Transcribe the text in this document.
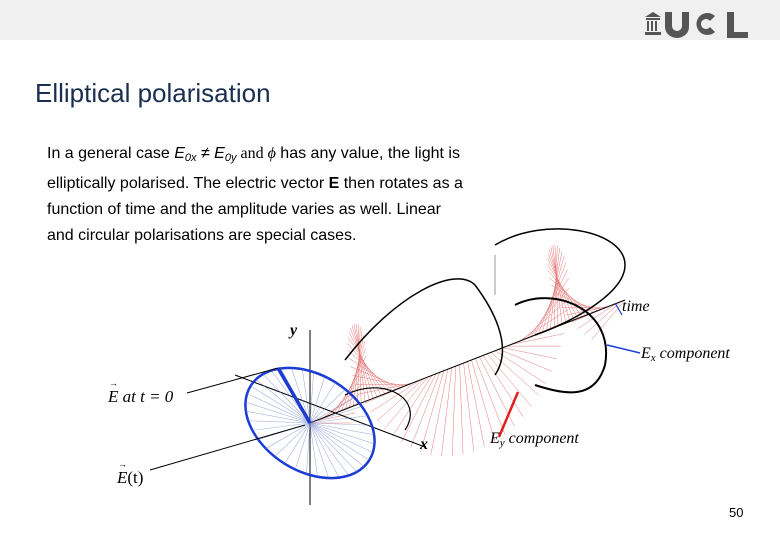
Elliptical polarisation
In a general case $E_{0x} \ne E_{0y}$ and ϕ has any value, the light is elliptically polarised. The electric vector E then rotates as a function of time and the amplitude varies as well. Linear and circular polarisations are special cases.
time
y
x
$E_x$ component
$E_y$ component
→ E at t = 0
→ E(t)
50
